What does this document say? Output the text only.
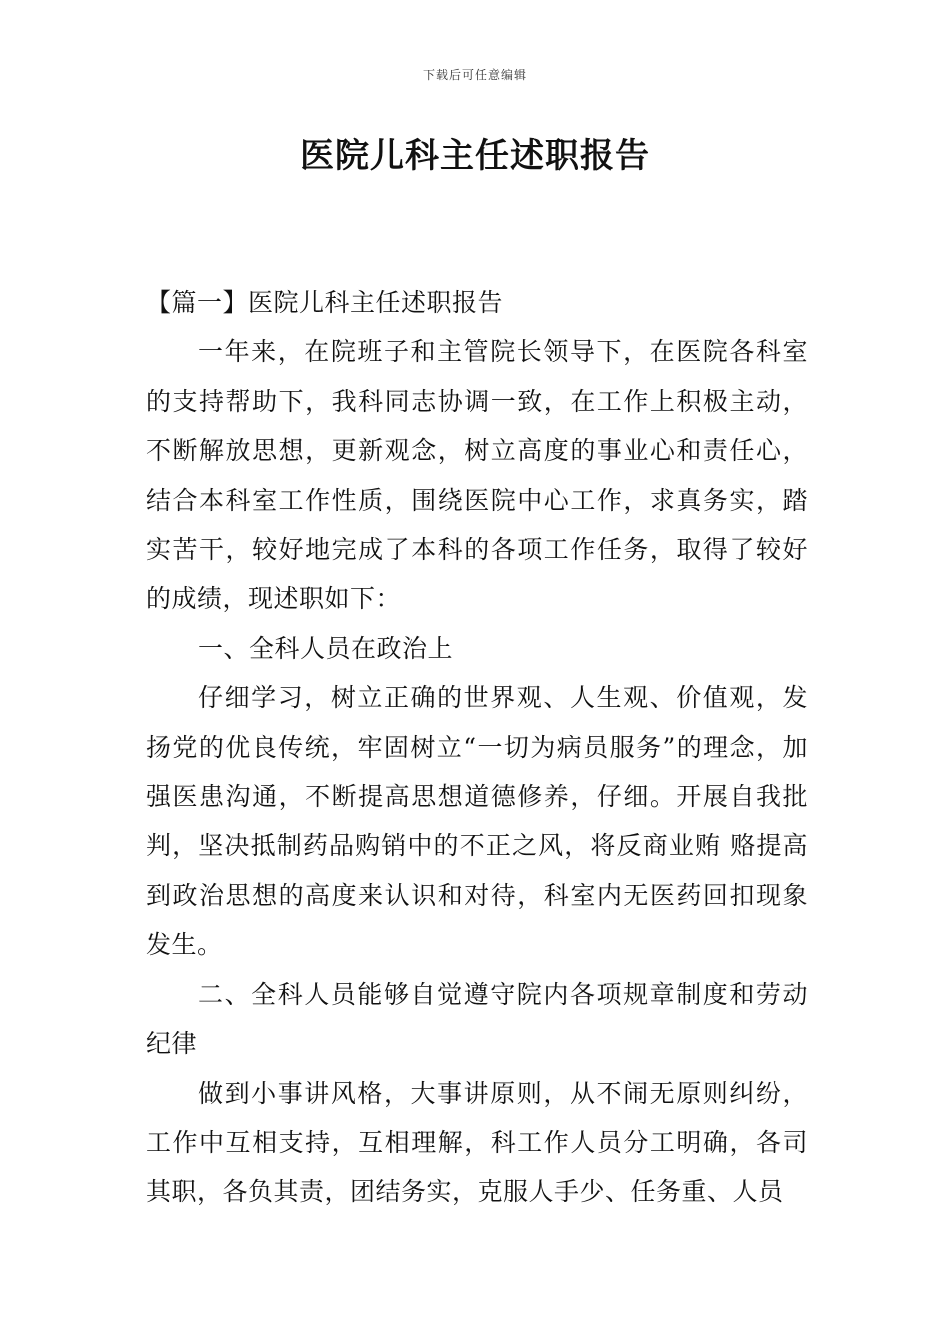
下载后可任意编辑
医院儿科主任述职报告

【篇一】医院儿科主任述职报告

一年来，在院班子和主管院长领导下，在医院各科室的支持帮助下，我科同志协调一致，在工作上积极主动，不断解放思想，更新观念，树立高度的事业心和责任心，结合本科室工作性质，围绕医院中心工作，求真务实，踏实苦干，较好地完成了本科的各项工作任务，取得了较好的成绩，现述职如下：

一、全科人员在政治上

仔细学习，树立正确的世界观、人生观、价值观，发扬党的优良传统，牢固树立“一切为病员服务”的理念，加强医患沟通，不断提高思想道德修养，仔细。开展自我批判，坚决抵制药品购销中的不正之风，将反商业贿 赂提高到政治思想的高度来认识和对待，科室内无医药回扣现象发生。

二、全科人员能够自觉遵守院内各项规章制度和劳动纪律

做到小事讲风格，大事讲原则，从不闹无原则纠纷，工作中互相支持，互相理解，科工作人员分工明确，各司其职，各负其责，团结务实，克服人手少、任务重、人员
